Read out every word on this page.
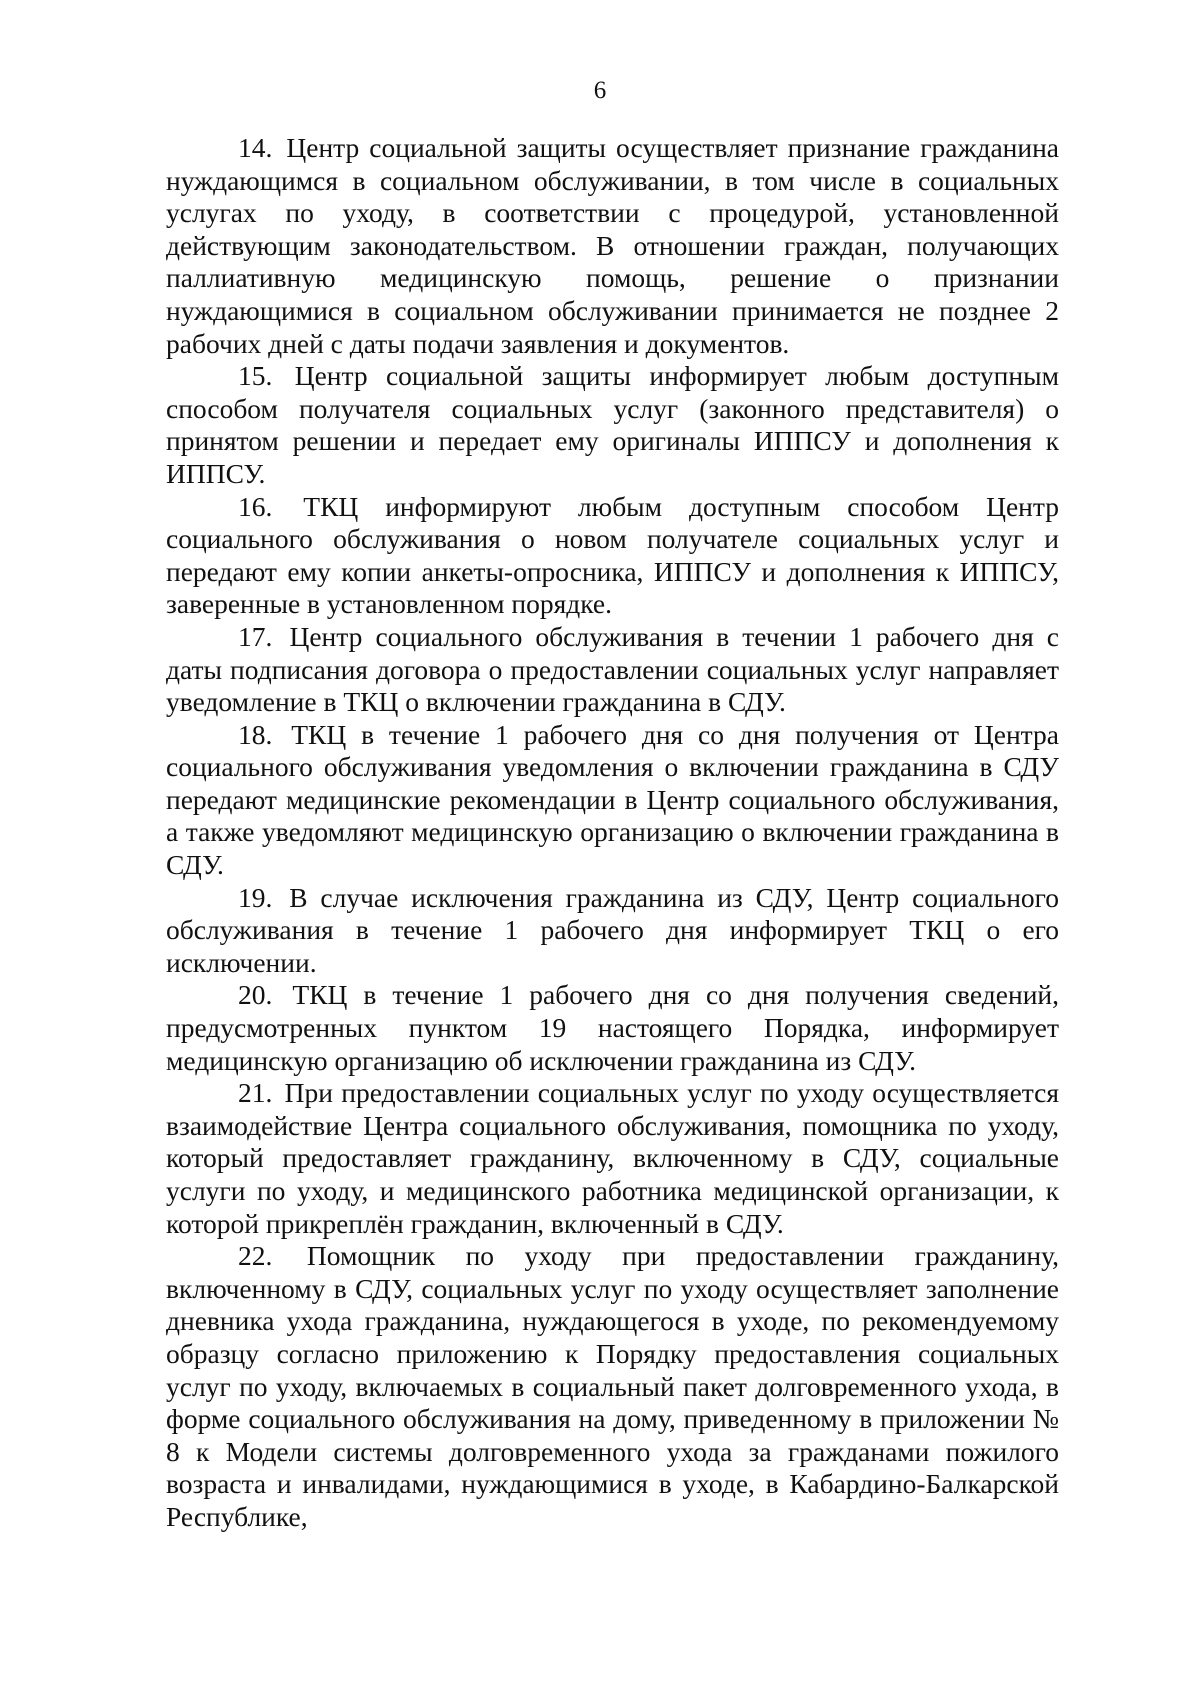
6

14. Центр социальной защиты осуществляет признание гражданина нуждающимся в социальном обслуживании, в том числе в социальных услугах по уходу, в соответствии с процедурой, установленной действующим законодательством. В отношении граждан, получающих паллиативную медицинскую помощь, решение о признании нуждающимися в социальном обслуживании принимается не позднее 2 рабочих дней с даты подачи заявления и документов.

15. Центр социальной защиты информирует любым доступным способом получателя социальных услуг (законного представителя) о принятом решении и передает ему оригиналы ИППСУ и дополнения к ИППСУ.

16. ТКЦ информируют любым доступным способом Центр социального обслуживания о новом получателе социальных услуг и передают ему копии анкеты-опросника, ИППСУ и дополнения к ИППСУ, заверенные в установленном порядке.

17. Центр социального обслуживания в течении 1 рабочего дня с даты подписания договора о предоставлении социальных услуг направляет уведомление в ТКЦ о включении гражданина в СДУ.

18. ТКЦ в течение 1 рабочего дня со дня получения от Центра социального обслуживания уведомления о включении гражданина в СДУ передают медицинские рекомендации в Центр социального обслуживания, а также уведомляют медицинскую организацию о включении гражданина в СДУ.

19. В случае исключения гражданина из СДУ, Центр социального обслуживания в течение 1 рабочего дня информирует ТКЦ о его исключении.

20. ТКЦ в течение 1 рабочего дня со дня получения сведений, предусмотренных пунктом 19 настоящего Порядка, информирует медицинскую организацию об исключении гражданина из СДУ.

21. При предоставлении социальных услуг по уходу осуществляется взаимодействие Центра социального обслуживания, помощника по уходу, который предоставляет гражданину, включенному в СДУ, социальные услуги по уходу, и медицинского работника медицинской организации, к которой прикреплён гражданин, включенный в СДУ.

22. Помощник по уходу при предоставлении гражданину, включенному в СДУ, социальных услуг по уходу осуществляет заполнение дневника ухода гражданина, нуждающегося в уходе, по рекомендуемому образцу согласно приложению к Порядку предоставления социальных услуг по уходу, включаемых в социальный пакет долговременного ухода, в форме социального обслуживания на дому, приведенному в приложении № 8 к Модели системы долговременного ухода за гражданами пожилого возраста и инвалидами, нуждающимися в уходе, в Кабардино-Балкарской Республике,
